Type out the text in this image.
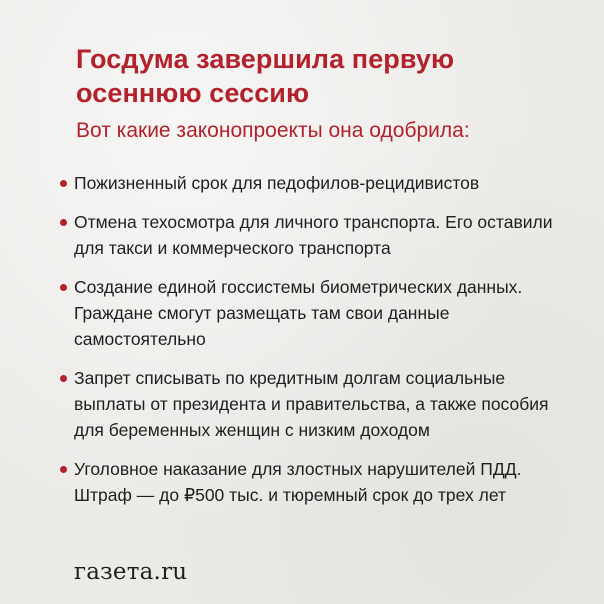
Госдума завершила первую осеннюю сессию
Вот какие законопроекты она одобрила:
Пожизненный срок для педофилов-рецидивистов
Отмена техосмотра для личного транспорта. Его оставили для такси и коммерческого транспорта
Создание единой госсистемы биометрических данных. Граждане смогут размещать там свои данные самостоятельно
Запрет списывать по кредитным долгам социальные выплаты от президента и правительства, а также пособия для беременных женщин с низким доходом
Уголовное наказание для злостных нарушителей ПДД. Штраф — до ₽500 тыс. и тюремный срок до трех лет
газета.ru
